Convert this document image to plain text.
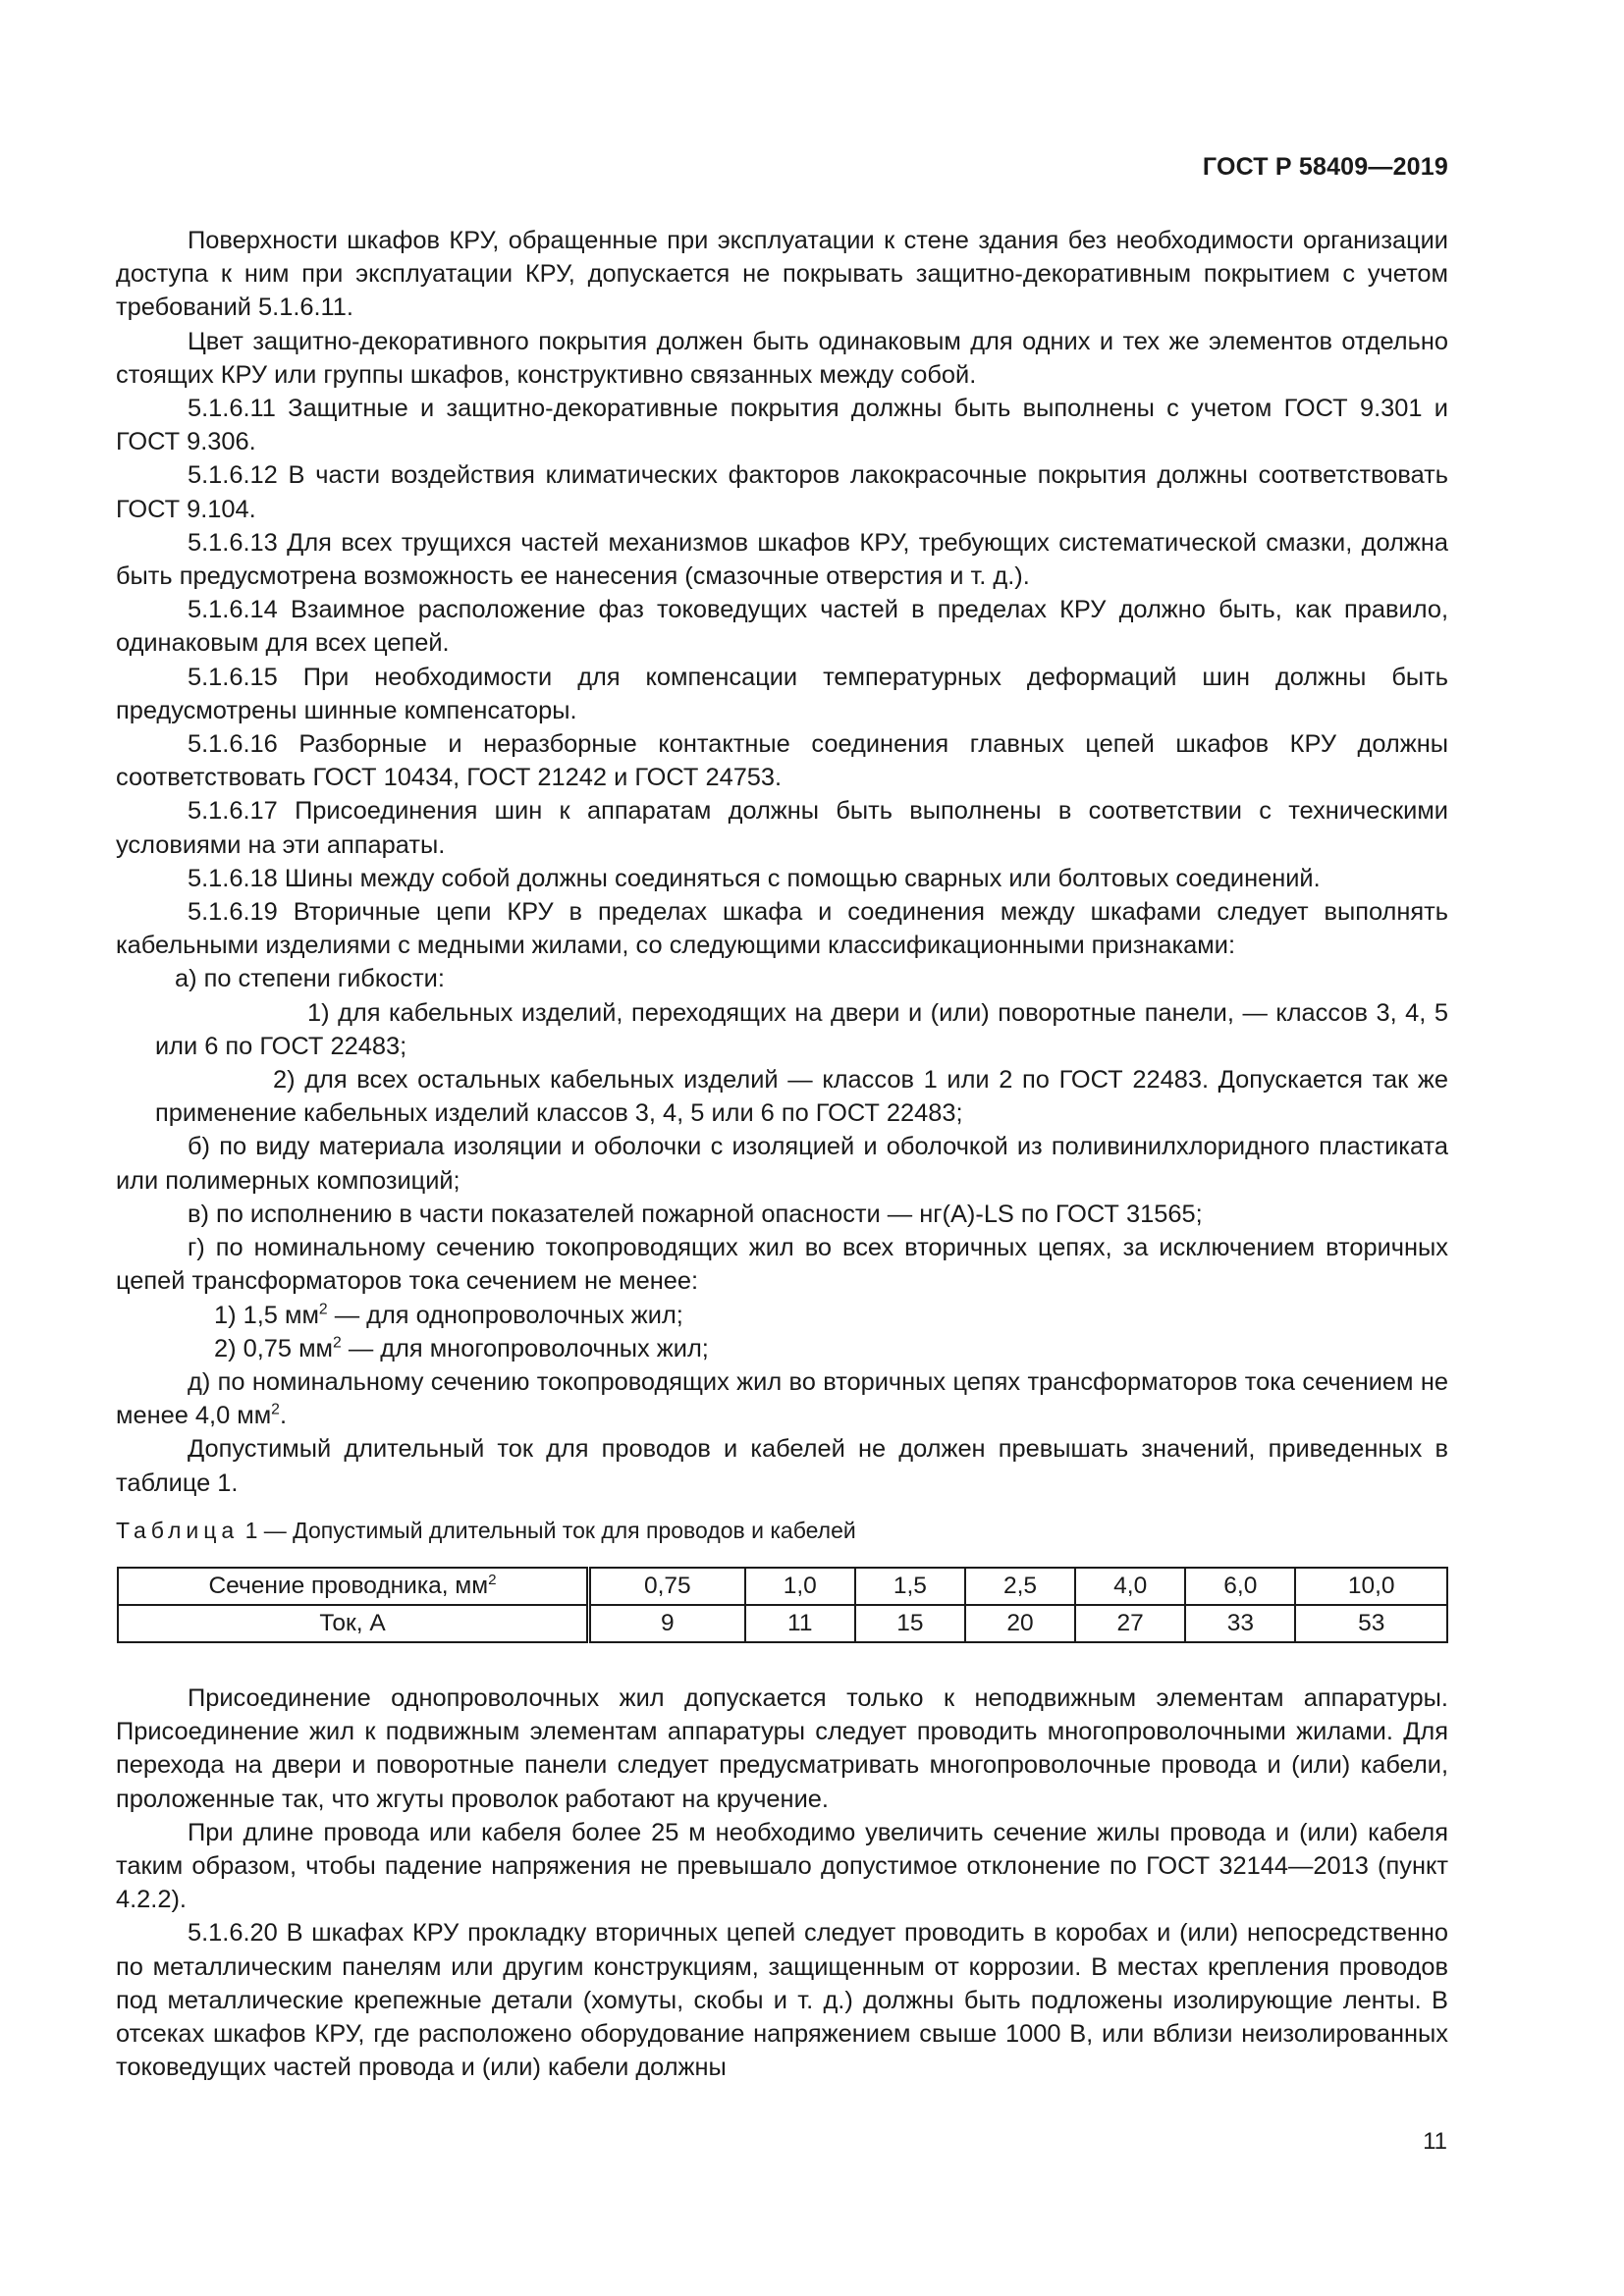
ГОСТ Р 58409—2019

Поверхности шкафов КРУ, обращенные при эксплуатации к стене здания без необходимости организации доступа к ним при эксплуатации КРУ, допускается не покрывать защитно-декоративным покрытием с учетом требований 5.1.6.11.

Цвет защитно-декоративного покрытия должен быть одинаковым для одних и тех же элементов отдельно стоящих КРУ или группы шкафов, конструктивно связанных между собой.

5.1.6.11 Защитные и защитно-декоративные покрытия должны быть выполнены с учетом ГОСТ 9.301 и ГОСТ 9.306.

5.1.6.12 В части воздействия климатических факторов лакокрасочные покрытия должны соответствовать ГОСТ 9.104.

5.1.6.13 Для всех трущихся частей механизмов шкафов КРУ, требующих систематической смазки, должна быть предусмотрена возможность ее нанесения (смазочные отверстия и т. д.).

5.1.6.14 Взаимное расположение фаз токоведущих частей в пределах КРУ должно быть, как правило, одинаковым для всех цепей.

5.1.6.15 При необходимости для компенсации температурных деформаций шин должны быть предусмотрены шинные компенсаторы.

5.1.6.16 Разборные и неразборные контактные соединения главных цепей шкафов КРУ должны соответствовать ГОСТ 10434, ГОСТ 21242 и ГОСТ 24753.

5.1.6.17 Присоединения шин к аппаратам должны быть выполнены в соответствии с техническими условиями на эти аппараты.

5.1.6.18 Шины между собой должны соединяться с помощью сварных или болтовых соединений.

5.1.6.19 Вторичные цепи КРУ в пределах шкафа и соединения между шкафами следует выполнять кабельными изделиями с медными жилами, со следующими классификационными признаками:

а) по степени гибкости:

1) для кабельных изделий, переходящих на двери и (или) поворотные панели, — классов 3, 4, 5 или 6 по ГОСТ 22483;

2) для всех остальных кабельных изделий — классов 1 или 2 по ГОСТ 22483. Допускается так же применение кабельных изделий классов 3, 4, 5 или 6 по ГОСТ 22483;

б) по виду материала изоляции и оболочки с изоляцией и оболочкой из поливинилхлоридного пластиката или полимерных композиций;

в) по исполнению в части показателей пожарной опасности — нг(A)-LS по ГОСТ 31565;

г) по номинальному сечению токопроводящих жил во всех вторичных цепях, за исключением вторичных цепей трансформаторов тока сечением не менее:

1) 1,5 $мм^2$ — для однопроволочных жил;

2) 0,75 $мм^2$ — для многопроволочных жил;

д) по номинальному сечению токопроводящих жил во вторичных цепях трансформаторов тока сечением не менее 4,0 $мм^2$.

Допустимый длительный ток для проводов и кабелей не должен превышать значений, приведенных в таблице 1.

Таблица 1 — Допустимый длительный ток для проводов и кабелей
Сечение проводника, $мм^2$	0,75	1,0	1,5	2,5	4,0	6,0	10,0
Ток, А	9	11	15	20	27	33	53

Присоединение однопроволочных жил допускается только к неподвижным элементам аппаратуры. Присоединение жил к подвижным элементам аппаратуры следует проводить многопроволочными жилами. Для перехода на двери и поворотные панели следует предусматривать многопроволочные провода и (или) кабели, проложенные так, что жгуты проволок работают на кручение.

При длине провода или кабеля более 25 м необходимо увеличить сечение жилы провода и (или) кабеля таким образом, чтобы падение напряжения не превышало допустимое отклонение по ГОСТ 32144—2013 (пункт 4.2.2).

5.1.6.20 В шкафах КРУ прокладку вторичных цепей следует проводить в коробах и (или) непосредственно по металлическим панелям или другим конструкциям, защищенным от коррозии. В местах крепления проводов под металлические крепежные детали (хомуты, скобы и т. д.) должны быть подложены изолирующие ленты. В отсеках шкафов КРУ, где расположено оборудование напряжением свыше 1000 В, или вблизи неизолированных токоведущих частей провода и (или) кабели должны

11
